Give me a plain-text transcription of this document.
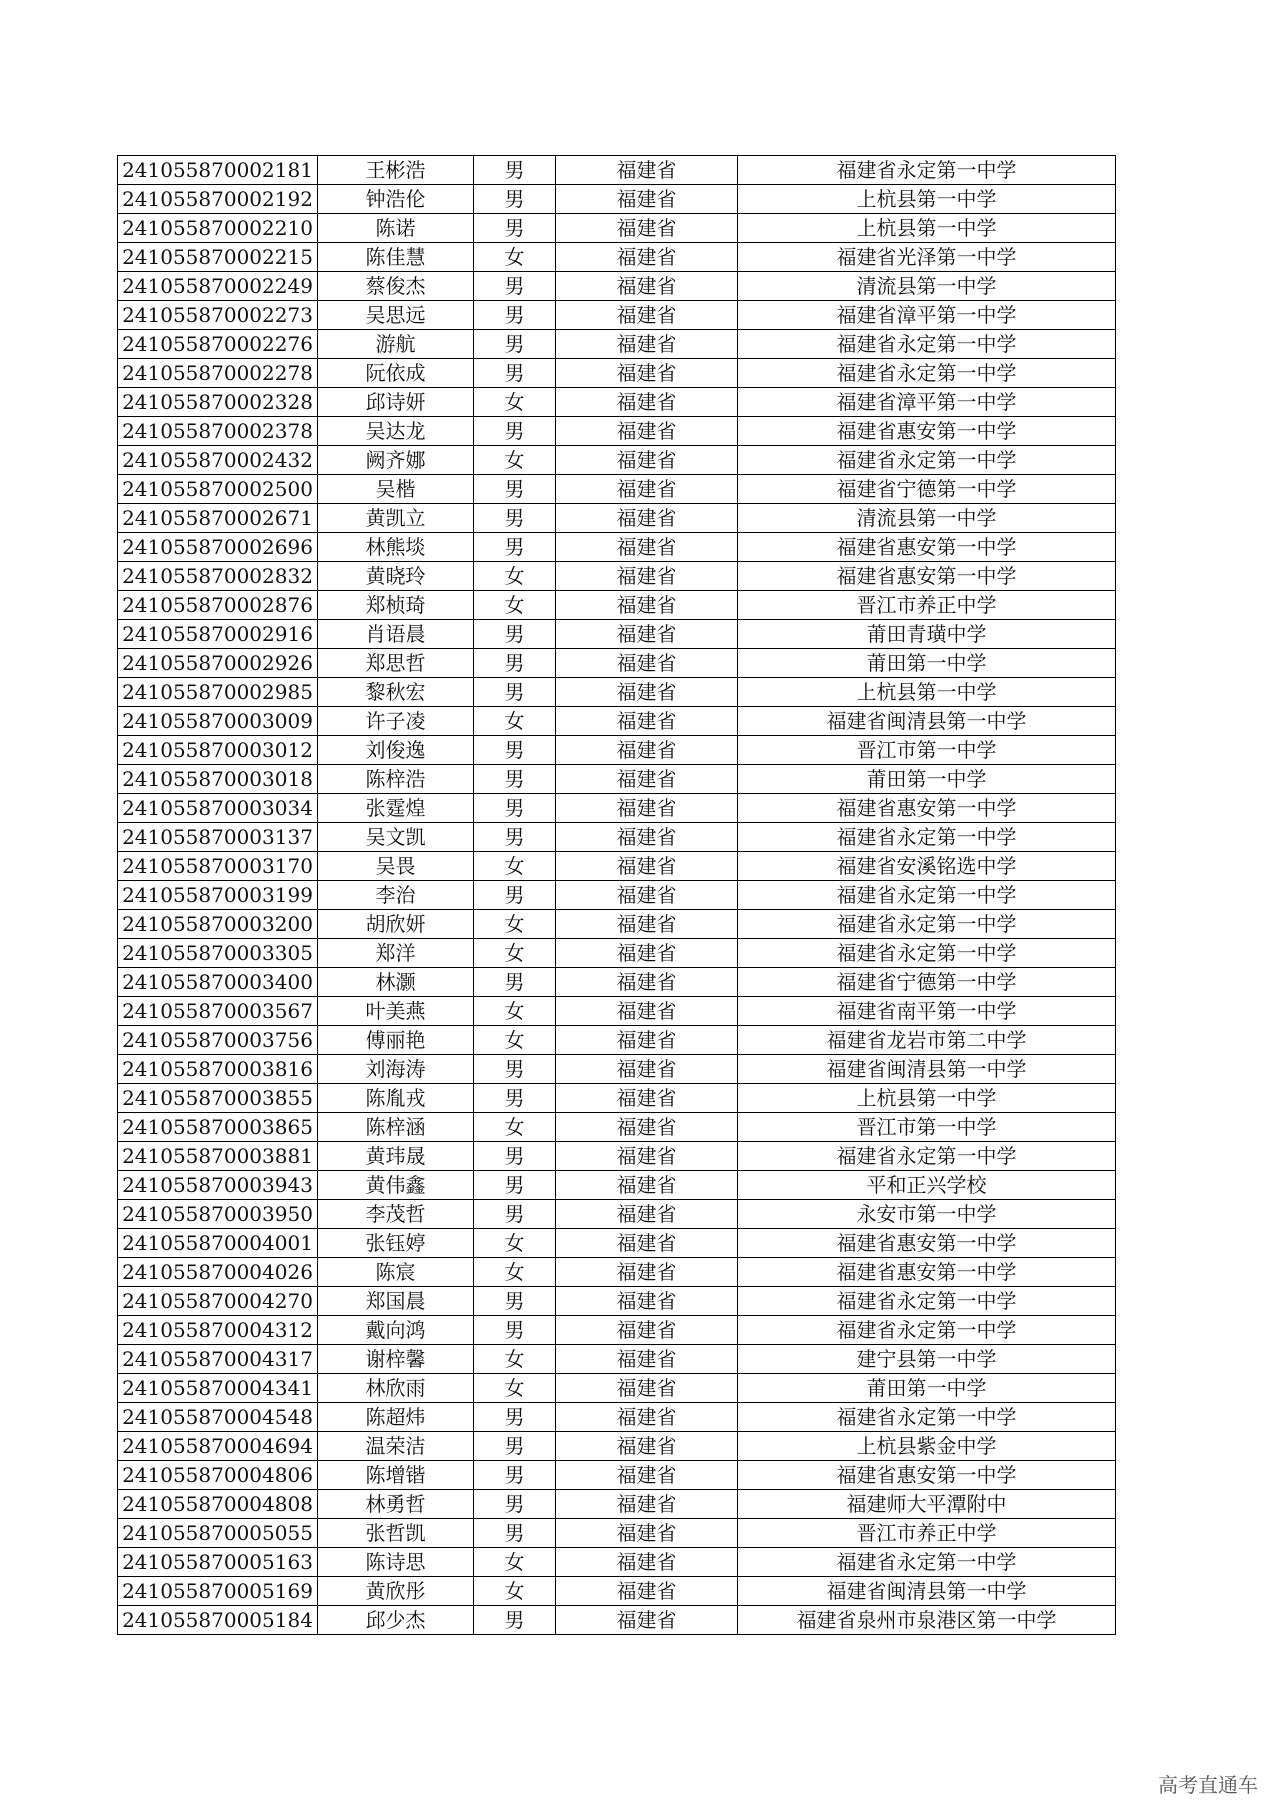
241055870002181	王彬浩	男	福建省	福建省永定第一中学
241055870002192	钟浩伦	男	福建省	上杭县第一中学
241055870002210	陈诺	男	福建省	上杭县第一中学
241055870002215	陈佳慧	女	福建省	福建省光泽第一中学
241055870002249	蔡俊杰	男	福建省	清流县第一中学
241055870002273	吴思远	男	福建省	福建省漳平第一中学
241055870002276	游航	男	福建省	福建省永定第一中学
241055870002278	阮依成	男	福建省	福建省永定第一中学
241055870002328	邱诗妍	女	福建省	福建省漳平第一中学
241055870002378	吴达龙	男	福建省	福建省惠安第一中学
241055870002432	阙齐娜	女	福建省	福建省永定第一中学
241055870002500	吴楷	男	福建省	福建省宁德第一中学
241055870002671	黄凯立	男	福建省	清流县第一中学
241055870002696	林熊埮	男	福建省	福建省惠安第一中学
241055870002832	黄晓玲	女	福建省	福建省惠安第一中学
241055870002876	郑桢琦	女	福建省	晋江市养正中学
241055870002916	肖语晨	男	福建省	莆田青璜中学
241055870002926	郑思哲	男	福建省	莆田第一中学
241055870002985	黎秋宏	男	福建省	上杭县第一中学
241055870003009	许子凌	女	福建省	福建省闽清县第一中学
241055870003012	刘俊逸	男	福建省	晋江市第一中学
241055870003018	陈梓浩	男	福建省	莆田第一中学
241055870003034	张霆煌	男	福建省	福建省惠安第一中学
241055870003137	吴文凯	男	福建省	福建省永定第一中学
241055870003170	吴畏	女	福建省	福建省安溪铭选中学
241055870003199	李治	男	福建省	福建省永定第一中学
241055870003200	胡欣妍	女	福建省	福建省永定第一中学
241055870003305	郑洋	女	福建省	福建省永定第一中学
241055870003400	林灏	男	福建省	福建省宁德第一中学
241055870003567	叶美燕	女	福建省	福建省南平第一中学
241055870003756	傅丽艳	女	福建省	福建省龙岩市第二中学
241055870003816	刘海涛	男	福建省	福建省闽清县第一中学
241055870003855	陈胤戎	男	福建省	上杭县第一中学
241055870003865	陈梓涵	女	福建省	晋江市第一中学
241055870003881	黄玮晟	男	福建省	福建省永定第一中学
241055870003943	黄伟鑫	男	福建省	平和正兴学校
241055870003950	李茂哲	男	福建省	永安市第一中学
241055870004001	张钰婷	女	福建省	福建省惠安第一中学
241055870004026	陈宸	女	福建省	福建省惠安第一中学
241055870004270	郑国晨	男	福建省	福建省永定第一中学
241055870004312	戴向鸿	男	福建省	福建省永定第一中学
241055870004317	谢梓馨	女	福建省	建宁县第一中学
241055870004341	林欣雨	女	福建省	莆田第一中学
241055870004548	陈超炜	男	福建省	福建省永定第一中学
241055870004694	温荣洁	男	福建省	上杭县紫金中学
241055870004806	陈增锴	男	福建省	福建省惠安第一中学
241055870004808	林勇哲	男	福建省	福建师大平潭附中
241055870005055	张哲凯	男	福建省	晋江市养正中学
241055870005163	陈诗思	女	福建省	福建省永定第一中学
241055870005169	黄欣彤	女	福建省	福建省闽清县第一中学
241055870005184	邱少杰	男	福建省	福建省泉州市泉港区第一中学
高考直通车
